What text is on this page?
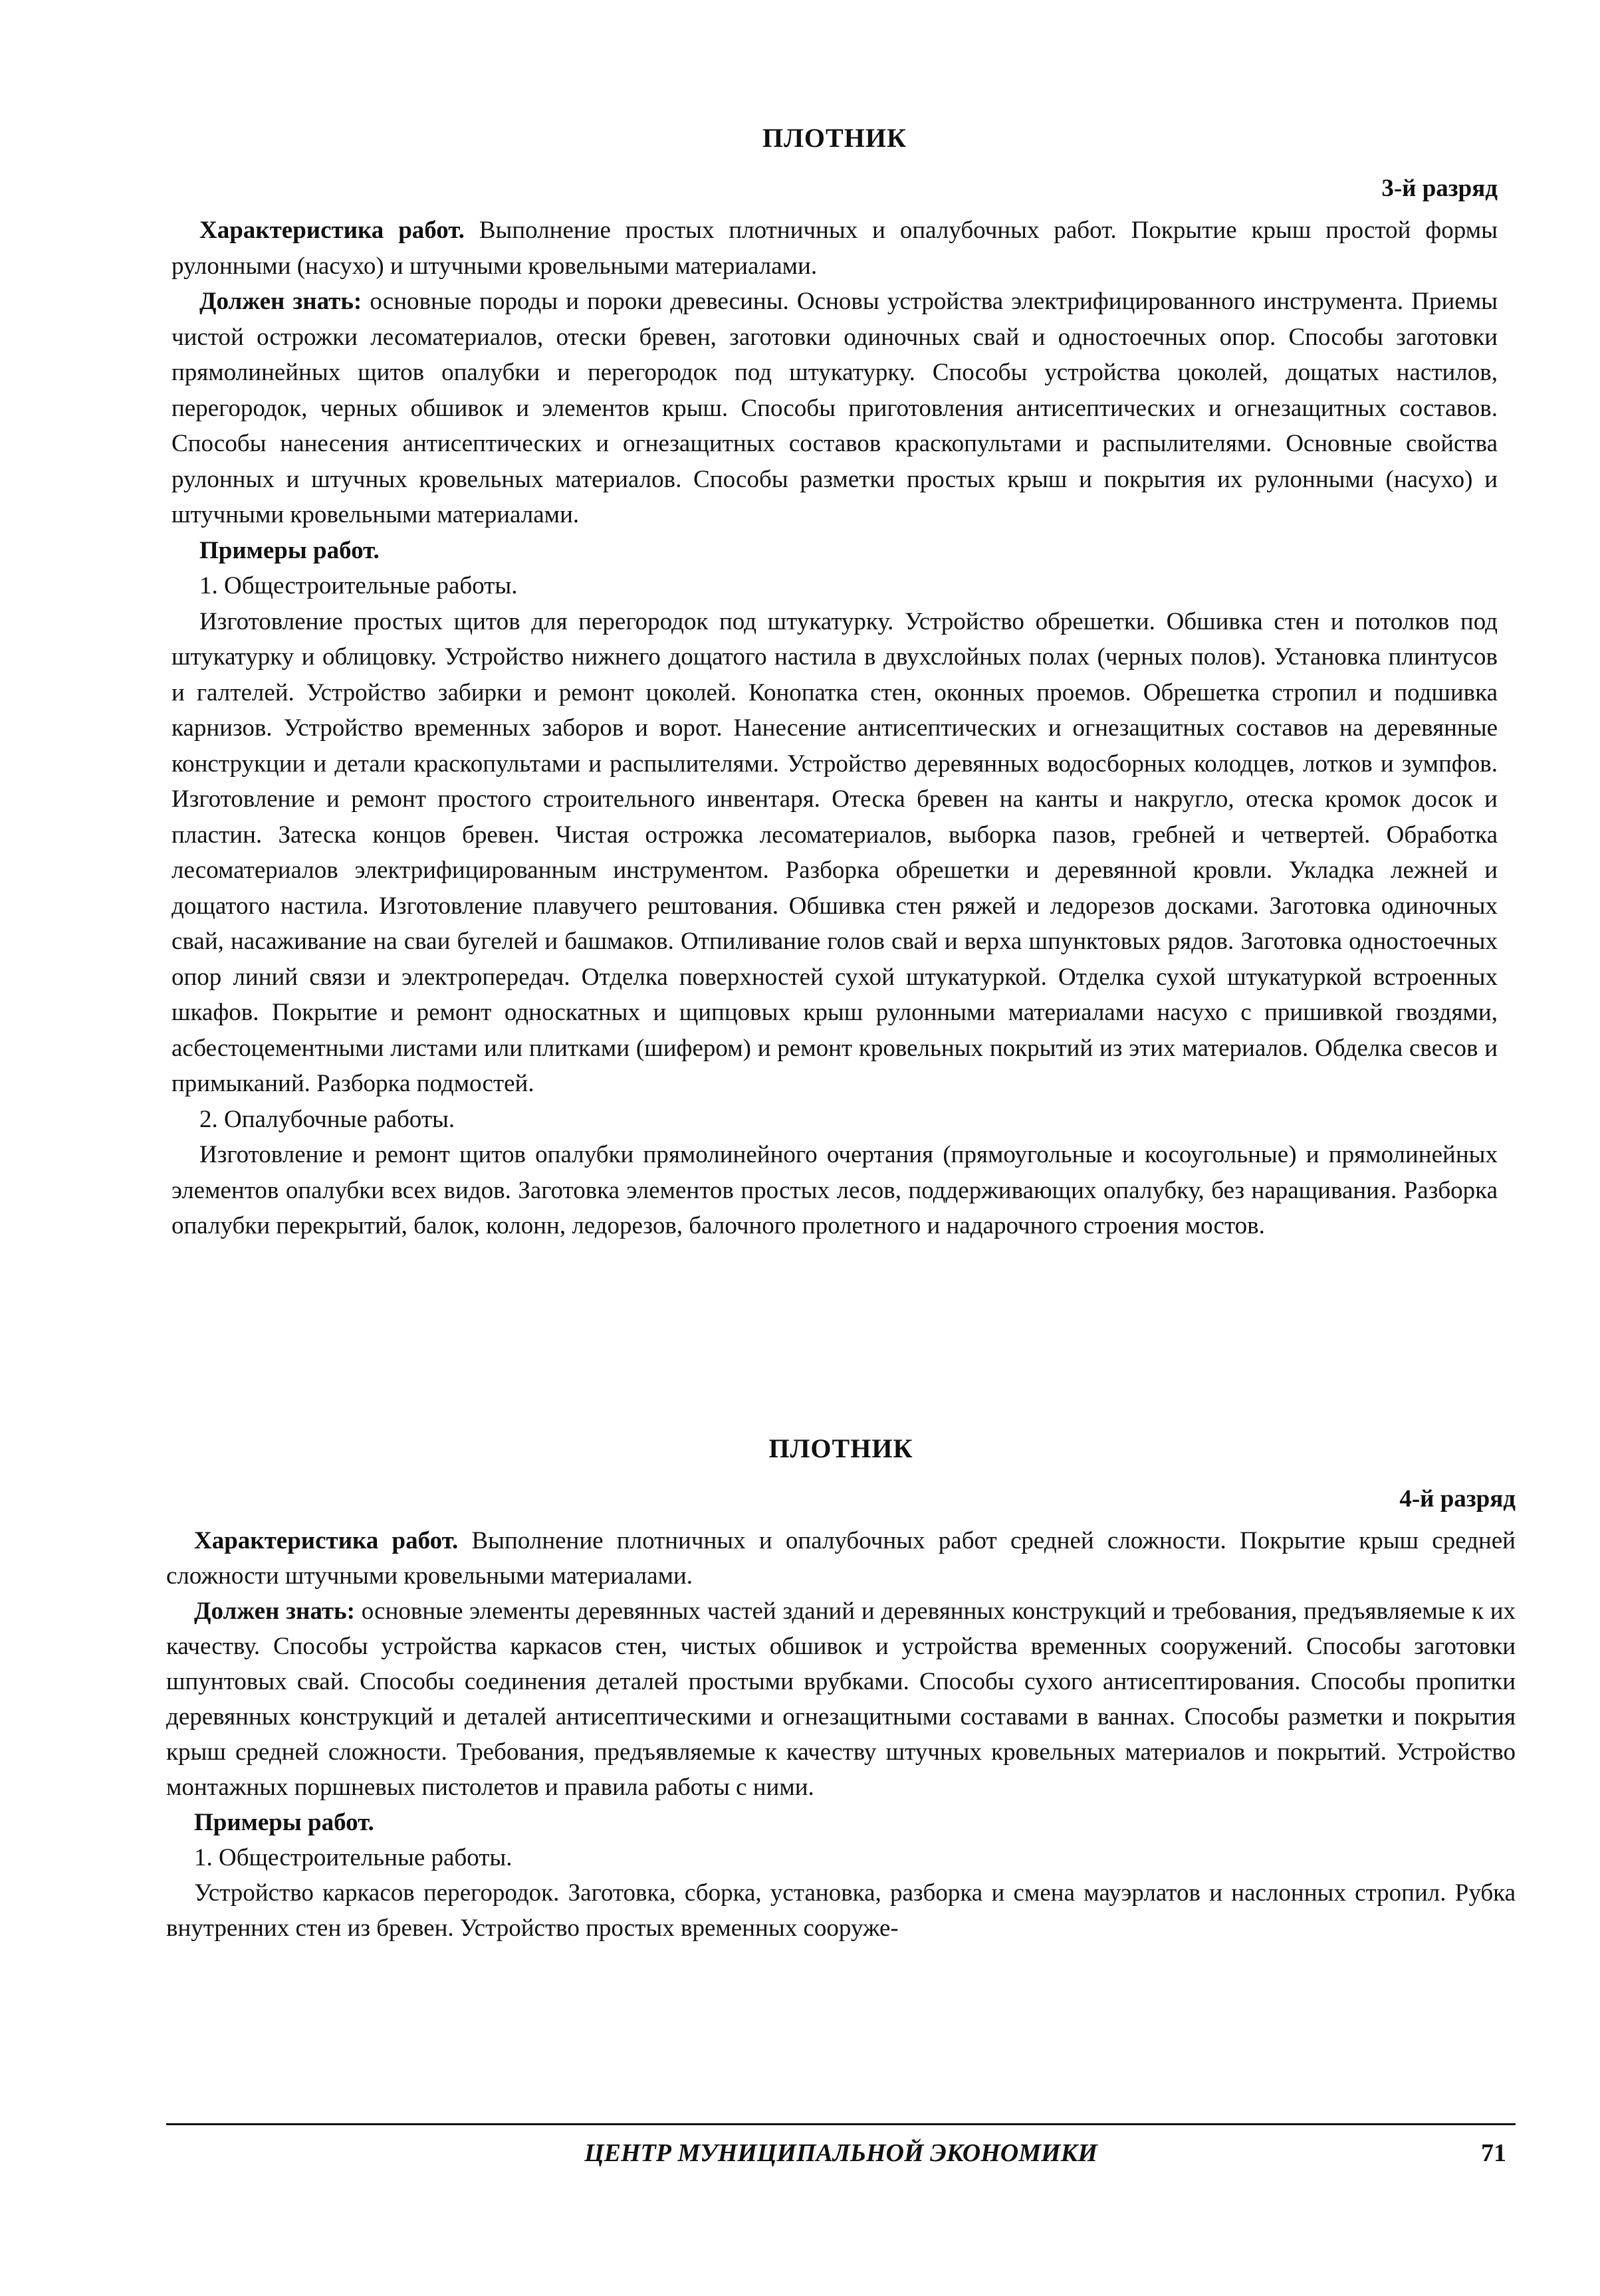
ПЛОТНИК
3-й разряд

Характеристика работ. Выполнение простых плотничных и опалубочных работ. Покрытие крыш простой формы рулонными (насухо) и штучными кровельными материалами.

Должен знать: основные породы и пороки древесины. Основы устройства электрифицированного инструмента. Приемы чистой острожки лесоматериалов, отески бревен, заготовки одиночных свай и одностоечных опор. Способы заготовки прямолинейных щитов опалубки и перегородок под штукатурку. Способы устройства цоколей, дощатых настилов, перегородок, черных обшивок и элементов крыш. Способы приготовления антисептических и огнезащитных составов. Способы нанесения антисептических и огнезащитных составов краскопультами и распылителями. Основные свойства рулонных и штучных кровельных материалов. Способы разметки простых крыш и покрытия их рулонными (насухо) и штучными кровельными материалами.

Примеры работ.

1. Общестроительные работы.

Изготовление простых щитов для перегородок под штукатурку. Устройство обрешетки. Обшивка стен и потолков под штукатурку и облицовку. Устройство нижнего дощатого настила в двухслойных полах (черных полов). Установка плинтусов и галтелей. Устройство забирки и ремонт цоколей. Конопатка стен, оконных проемов. Обрешетка стропил и подшивка карнизов. Устройство временных заборов и ворот. Нанесение антисептических и огнезащитных составов на деревянные конструкции и детали краскопультами и распылителями. Устройство деревянных водосборных колодцев, лотков и зумпфов. Изготовление и ремонт простого строительного инвентаря. Отеска бревен на канты и накругло, отеска кромок досок и пластин. Затеска концов бревен. Чистая острожка лесоматериалов, выборка пазов, гребней и четвертей. Обработка лесоматериалов электрифицированным инструментом. Разборка обрешетки и деревянной кровли. Укладка лежней и дощатого настила. Изготовление плавучего рештования. Обшивка стен ряжей и ледорезов досками. Заготовка одиночных свай, насаживание на сваи бугелей и башмаков. Отпиливание голов свай и верха шпунктовых рядов. Заготовка одностоечных опор линий связи и электропередач. Отделка поверхностей сухой штукатуркой. Отделка сухой штукатуркой встроенных шкафов. Покрытие и ремонт односкатных и щипцовых крыш рулонными материалами насухо с пришивкой гвоздями, асбестоцементными листами или плитками (шифером) и ремонт кровельных покрытий из этих материалов. Обделка свесов и примыканий. Разборка подмостей.

2. Опалубочные работы.

Изготовление и ремонт щитов опалубки прямолинейного очертания (прямоугольные и косоугольные) и прямолинейных элементов опалубки всех видов. Заготовка элементов простых лесов, поддерживающих опалубку, без наращивания. Разборка опалубки перекрытий, балок, колонн, ледорезов, балочного пролетного и надарочного строения мостов.

ПЛОТНИК
4-й разряд

Характеристика работ. Выполнение плотничных и опалубочных работ средней сложности. Покрытие крыш средней сложности штучными кровельными материалами.

Должен знать: основные элементы деревянных частей зданий и деревянных конструкций и требования, предъявляемые к их качеству. Способы устройства каркасов стен, чистых обшивок и устройства временных сооружений. Способы заготовки шпунтовых свай. Способы соединения деталей простыми врубками. Способы сухого антисептирования. Способы пропитки деревянных конструкций и деталей антисептическими и огнезащитными составами в ваннах. Способы разметки и покрытия крыш средней сложности. Требования, предъявляемые к качеству штучных кровельных материалов и покрытий. Устройство монтажных поршневых пистолетов и правила работы с ними.

Примеры работ.

1. Общестроительные работы.

Устройство каркасов перегородок. Заготовка, сборка, установка, разборка и смена мауэрлатов и наслонных стропил. Рубка внутренних стен из бревен. Устройство простых временных сооруже-

ЦЕНТР МУНИЦИПАЛЬНОЙ ЭКОНОМИКИ	71
